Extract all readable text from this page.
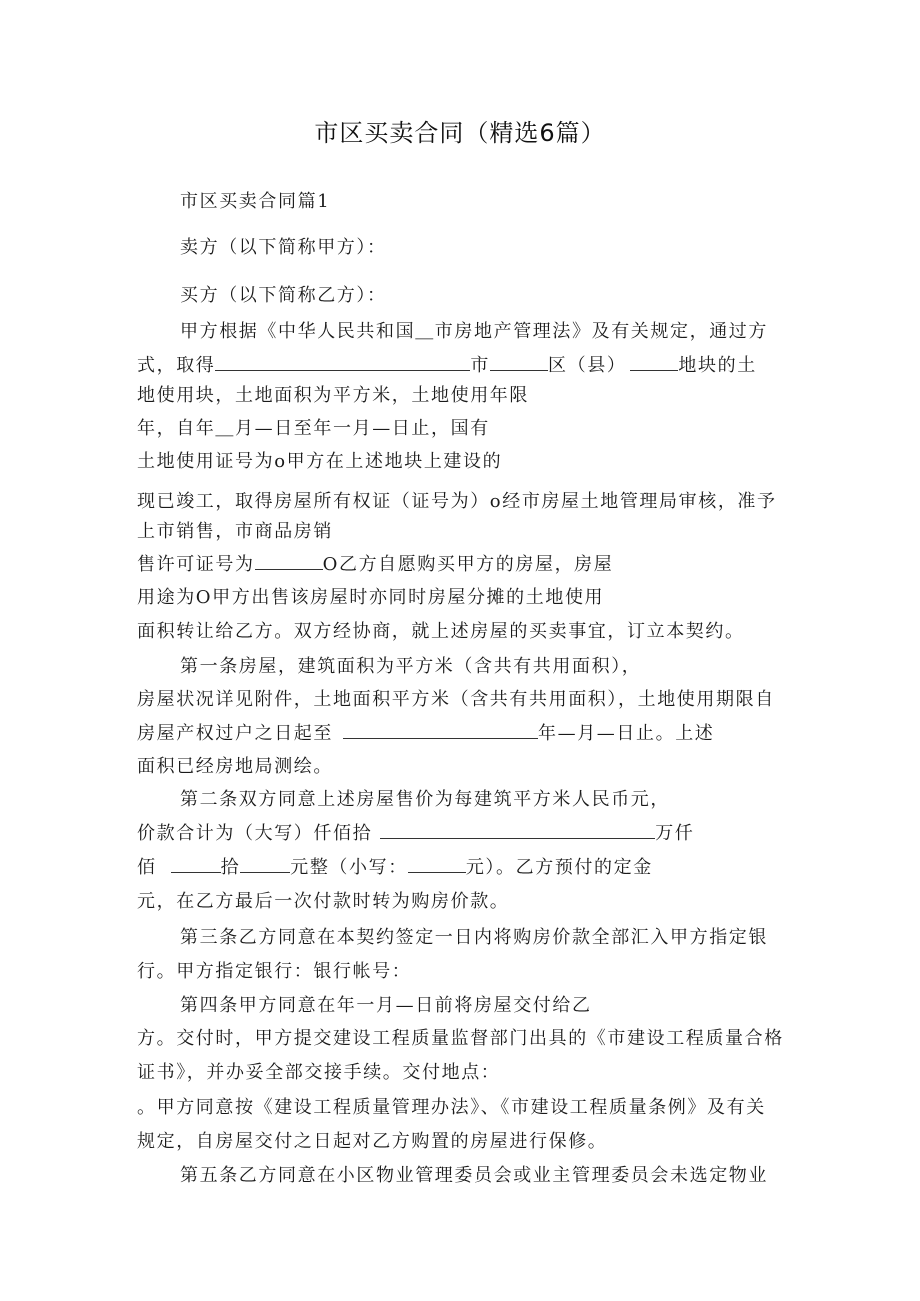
市区买卖合同（精选6篇）
市区买卖合同篇1
卖方（以下简称甲方）：
买方（以下简称乙方）：
甲方根据《中华人民共和国＿市房地产管理法》及有关规定，通过方
式，取得	市	区（县）	地块的土
地使用块，土地面积为平方米，土地使用年限
年，自年＿月—日至年一月—日止，国有
土地使用证号为o甲方在上述地块上建设的
现已竣工，取得房屋所有权证（证号为）o经市房屋土地管理局审核，准予
上市销售，市商品房销
售许可证号为	O乙方自愿购买甲方的房屋，房屋
用途为O甲方出售该房屋时亦同时房屋分摊的土地使用
面积转让给乙方。双方经协商，就上述房屋的买卖事宜，订立本契约。
第一条房屋，建筑面积为平方米（含共有共用面积），
房屋状况详见附件，土地面积平方米（含共有共用面积），土地使用期限自
房屋产权过户之日起至	年—月—日止。上述
面积已经房地局测绘。
第二条双方同意上述房屋售价为每建筑平方米人民币元，
价款合计为（大写）仟佰拾	万仟
佰	拾	元整（小写：	元）。乙方预付的定金
元，在乙方最后一次付款时转为购房价款。
第三条乙方同意在本契约签定一日内将购房价款全部汇入甲方指定银
行。甲方指定银行：银行帐号：
第四条甲方同意在年一月—日前将房屋交付给乙
方。交付时，甲方提交建设工程质量监督部门出具的《市建设工程质量合格
证书》，并办妥全部交接手续。交付地点：
。甲方同意按《建设工程质量管理办法》、《市建设工程质量条例》及有关
规定，自房屋交付之日起对乙方购置的房屋进行保修。
第五条乙方同意在小区物业管理委员会或业主管理委员会未选定物业
